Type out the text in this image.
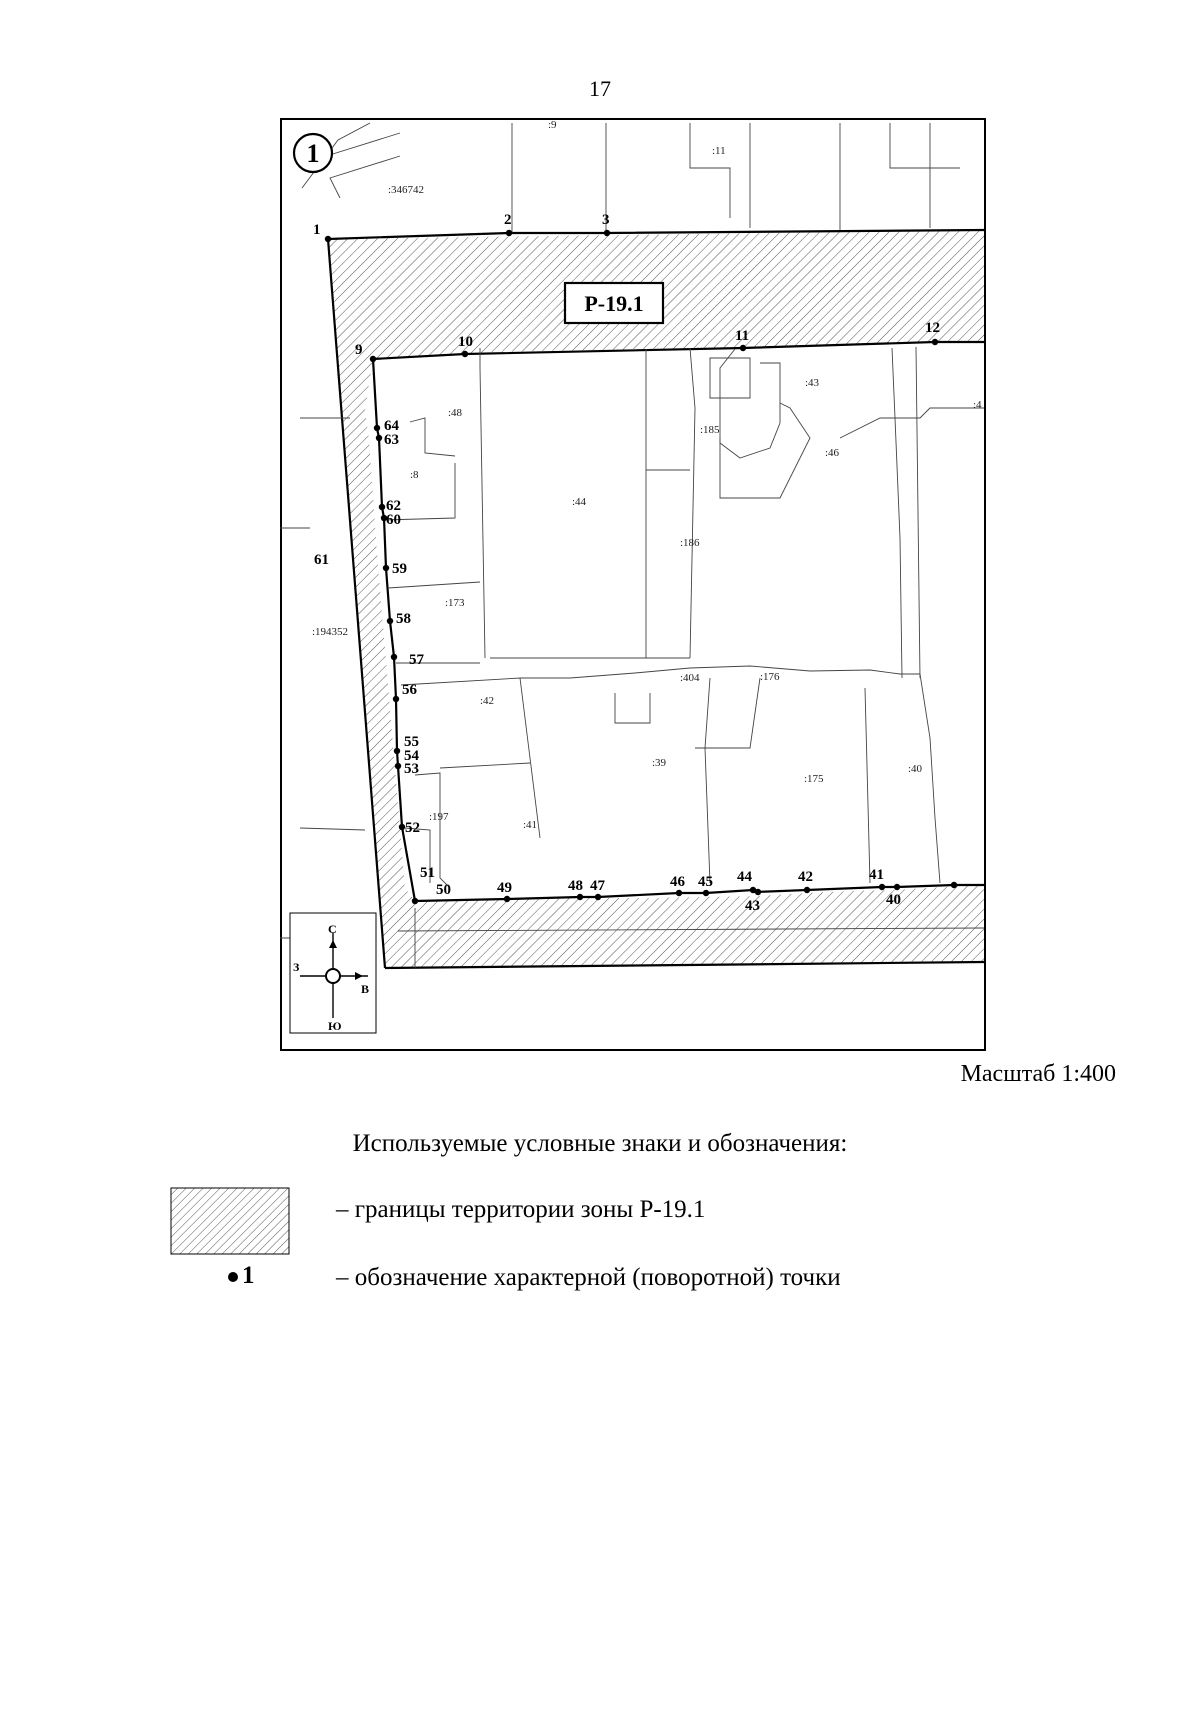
17
1
2	3
9	10	11	12
64
63
62
60
59
58
57
56
55
54
53
52
51
50	49	48 47	46 45 44
43
42	41
40
:346742
:9
:11
:48
:8
:44
:185
:186
:43
:46
:4
:173
:194352
:404	:176
:42
:39
:175
:40
:197
:41
61
1
Р-19.1
С
Ю
З
В
Масштаб 1:400
Используемые условные знаки и обозначения:
– границы территории зоны Р-19.1
1	– обозначение характерной (поворотной) точки
